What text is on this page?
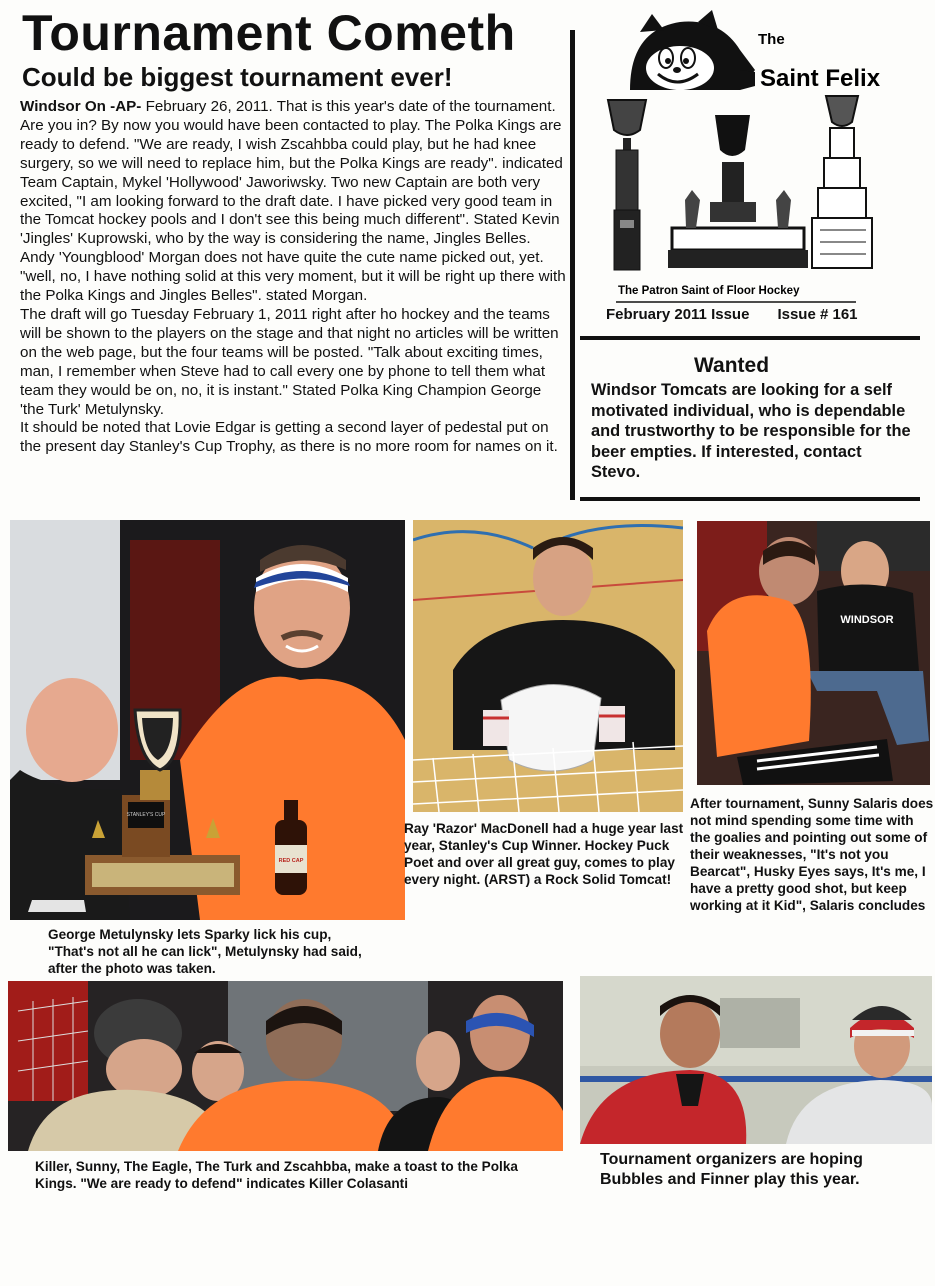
Tournament Cometh
Could be biggest tournament ever!

Windsor On -AP- February 26, 2011. That is this year's date of the tournament. Are you in? By now you would have been contacted to play. The Polka Kings are ready to defend. "We are ready, I wish Zscahbba could play, but he had knee surgery, so we will need to replace him, but the Polka Kings are ready". indicated Team Captain, Mykel 'Hollywood' Jaworiwsky. Two new Captain are both very excited, "I am looking forward to the draft date. I have picked very good team in the Tomcat hockey pools and I don't see this being much different". Stated Kevin 'Jingles' Kuprowski, who by the way is considering the name, Jingles Belles.

Andy 'Youngblood' Morgan does not have quite the cute name picked out, yet. "well, no, I have nothing solid at this very moment, but it will be right up there with the Polka Kings and Jingles Belles". stated Morgan.

The draft will go Tuesday February 1, 2011 right after ho hockey and the teams will be shown to the players on the stage and that night no articles will be written on the web page, but the four teams will be posted. "Talk about exciting times, man, I remember when Steve had to call every one by phone to tell them what team they would be on, no, it is instant." Stated Polka King Champion George 'the Turk' Metulynsky.

It should be noted that Lovie Edgar is getting a second layer of pedestal put on the present day Stanley's Cup Trophy, as there is no more room for names on it.

The
Saint Felix
The Patron Saint of Floor Hockey
February 2011 Issue Issue # 161
Wanted
Windsor Tomcats are looking for a self motivated individual, who is dependable and trustworthy to be responsible for the beer empties. If interested, contact Stevo.
STANLEY'S CUP
RED CAP
George Metulynsky lets Sparky lick his cup, "That's not all he can lick", Metulynsky had said, after the photo was taken.
Ray 'Razor' MacDonell had a huge year last year, Stanley's Cup Winner. Hockey Puck Poet and over all great guy, comes to play every night. (ARST) a Rock Solid Tomcat!
WINDSOR
After tournament, Sunny Salaris does not mind spending some time with the goalies and pointing out some of their weaknesses, "It's not you Bearcat", Husky Eyes says, It's me, I have a pretty good shot, but keep working at it Kid", Salaris concludes
Killer, Sunny, The Eagle, The Turk and Zscahbba, make a toast to the Polka Kings. "We are ready to defend" indicates Killer Colasanti
Tournament organizers are hoping Bubbles and Finner play this year.
